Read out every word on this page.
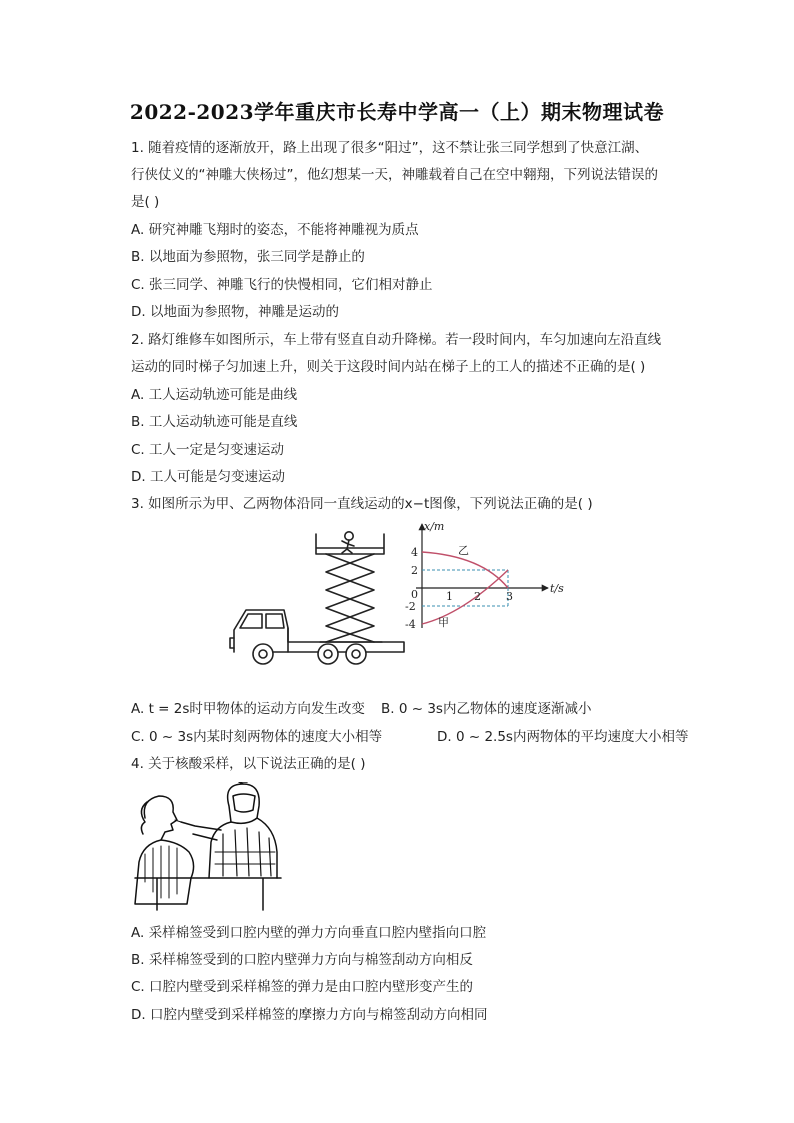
2022-2023学年重庆市长寿中学高一（上）期末物理试卷
1. 随着疫情的逐渐放开，路上出现了很多“阳过”，这不禁让张三同学想到了快意江湖、
行侠仗义的“神雕大侠杨过”，他幻想某一天，神雕载着自己在空中翱翔，下列说法错误的
是( )
A. 研究神雕飞翔时的姿态，不能将神雕视为质点
B. 以地面为参照物，张三同学是静止的
C. 张三同学、神雕飞行的快慢相同，它们相对静止
D. 以地面为参照物，神雕是运动的
2. 路灯维修车如图所示，车上带有竖直自动升降梯。若一段时间内，车匀加速向左沿直线
运动的同时梯子匀加速上升，则关于这段时间内站在梯子上的工人的描述不正确的是( )
A. 工人运动轨迹可能是曲线
B. 工人运动轨迹可能是直线
C. 工人一定是匀变速运动
D. 工人可能是匀变速运动
3. 如图所示为甲、乙两物体沿同一直线运动的x−t图像，下列说法正确的是( )
x/m
t/s
0	1 2 3
4
2
-2
-4
乙
甲
A. t = 2s时甲物体的运动方向发生改变 B. 0 ~ 3s内乙物体的速度逐渐减小
C. 0 ~ 3s内某时刻两物体的速度大小相等	D. 0 ~ 2.5s内两物体的平均速度大小相等
4. 关于核酸采样，以下说法正确的是( )
A. 采样棉签受到口腔内壁的弹力方向垂直口腔内壁指向口腔
B. 采样棉签受到的口腔内壁弹力方向与棉签刮动方向相反
C. 口腔内壁受到采样棉签的弹力是由口腔内壁形变产生的
D. 口腔内壁受到采样棉签的摩擦力方向与棉签刮动方向相同
